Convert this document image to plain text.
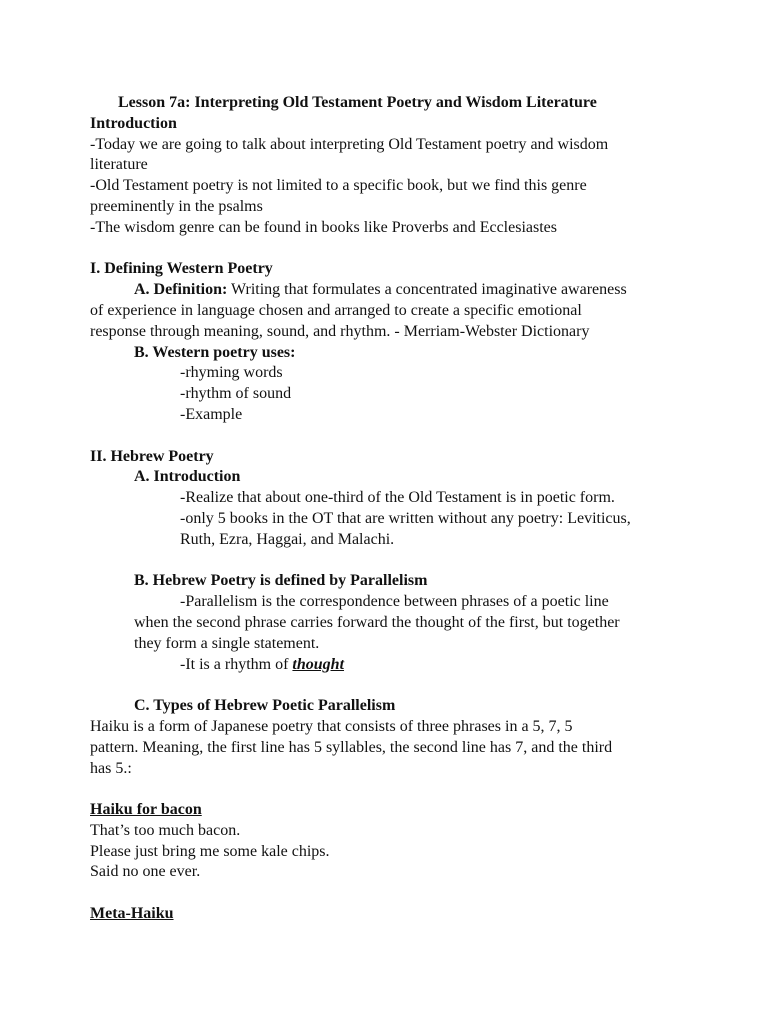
Lesson 7a: Interpreting Old Testament Poetry and Wisdom Literature
Introduction
-Today we are going to talk about interpreting Old Testament poetry and wisdom
literature
-Old Testament poetry is not limited to a specific book, but we find this genre
preeminently in the psalms
-The wisdom genre can be found in books like Proverbs and Ecclesiastes
I. Defining Western Poetry
A. Definition: Writing that formulates a concentrated imaginative awareness
of experience in language chosen and arranged to create a specific emotional
response through meaning, sound, and rhythm. - Merriam-Webster Dictionary
B. Western poetry uses:
-rhyming words
-rhythm of sound
-Example
II. Hebrew Poetry
A. Introduction
-Realize that about one-third of the Old Testament is in poetic form.
-only 5 books in the OT that are written without any poetry: Leviticus,
Ruth, Ezra, Haggai, and Malachi.
B. Hebrew Poetry is defined by Parallelism
-Parallelism is the correspondence between phrases of a poetic line
when the second phrase carries forward the thought of the first, but together
they form a single statement.
-It is a rhythm of thought
C. Types of Hebrew Poetic Parallelism
Haiku is a form of Japanese poetry that consists of three phrases in a 5, 7, 5
pattern. Meaning, the first line has 5 syllables, the second line has 7, and the third
has 5.:
Haiku for bacon
That’s too much bacon.
Please just bring me some kale chips.
Said no one ever.
Meta-Haiku
